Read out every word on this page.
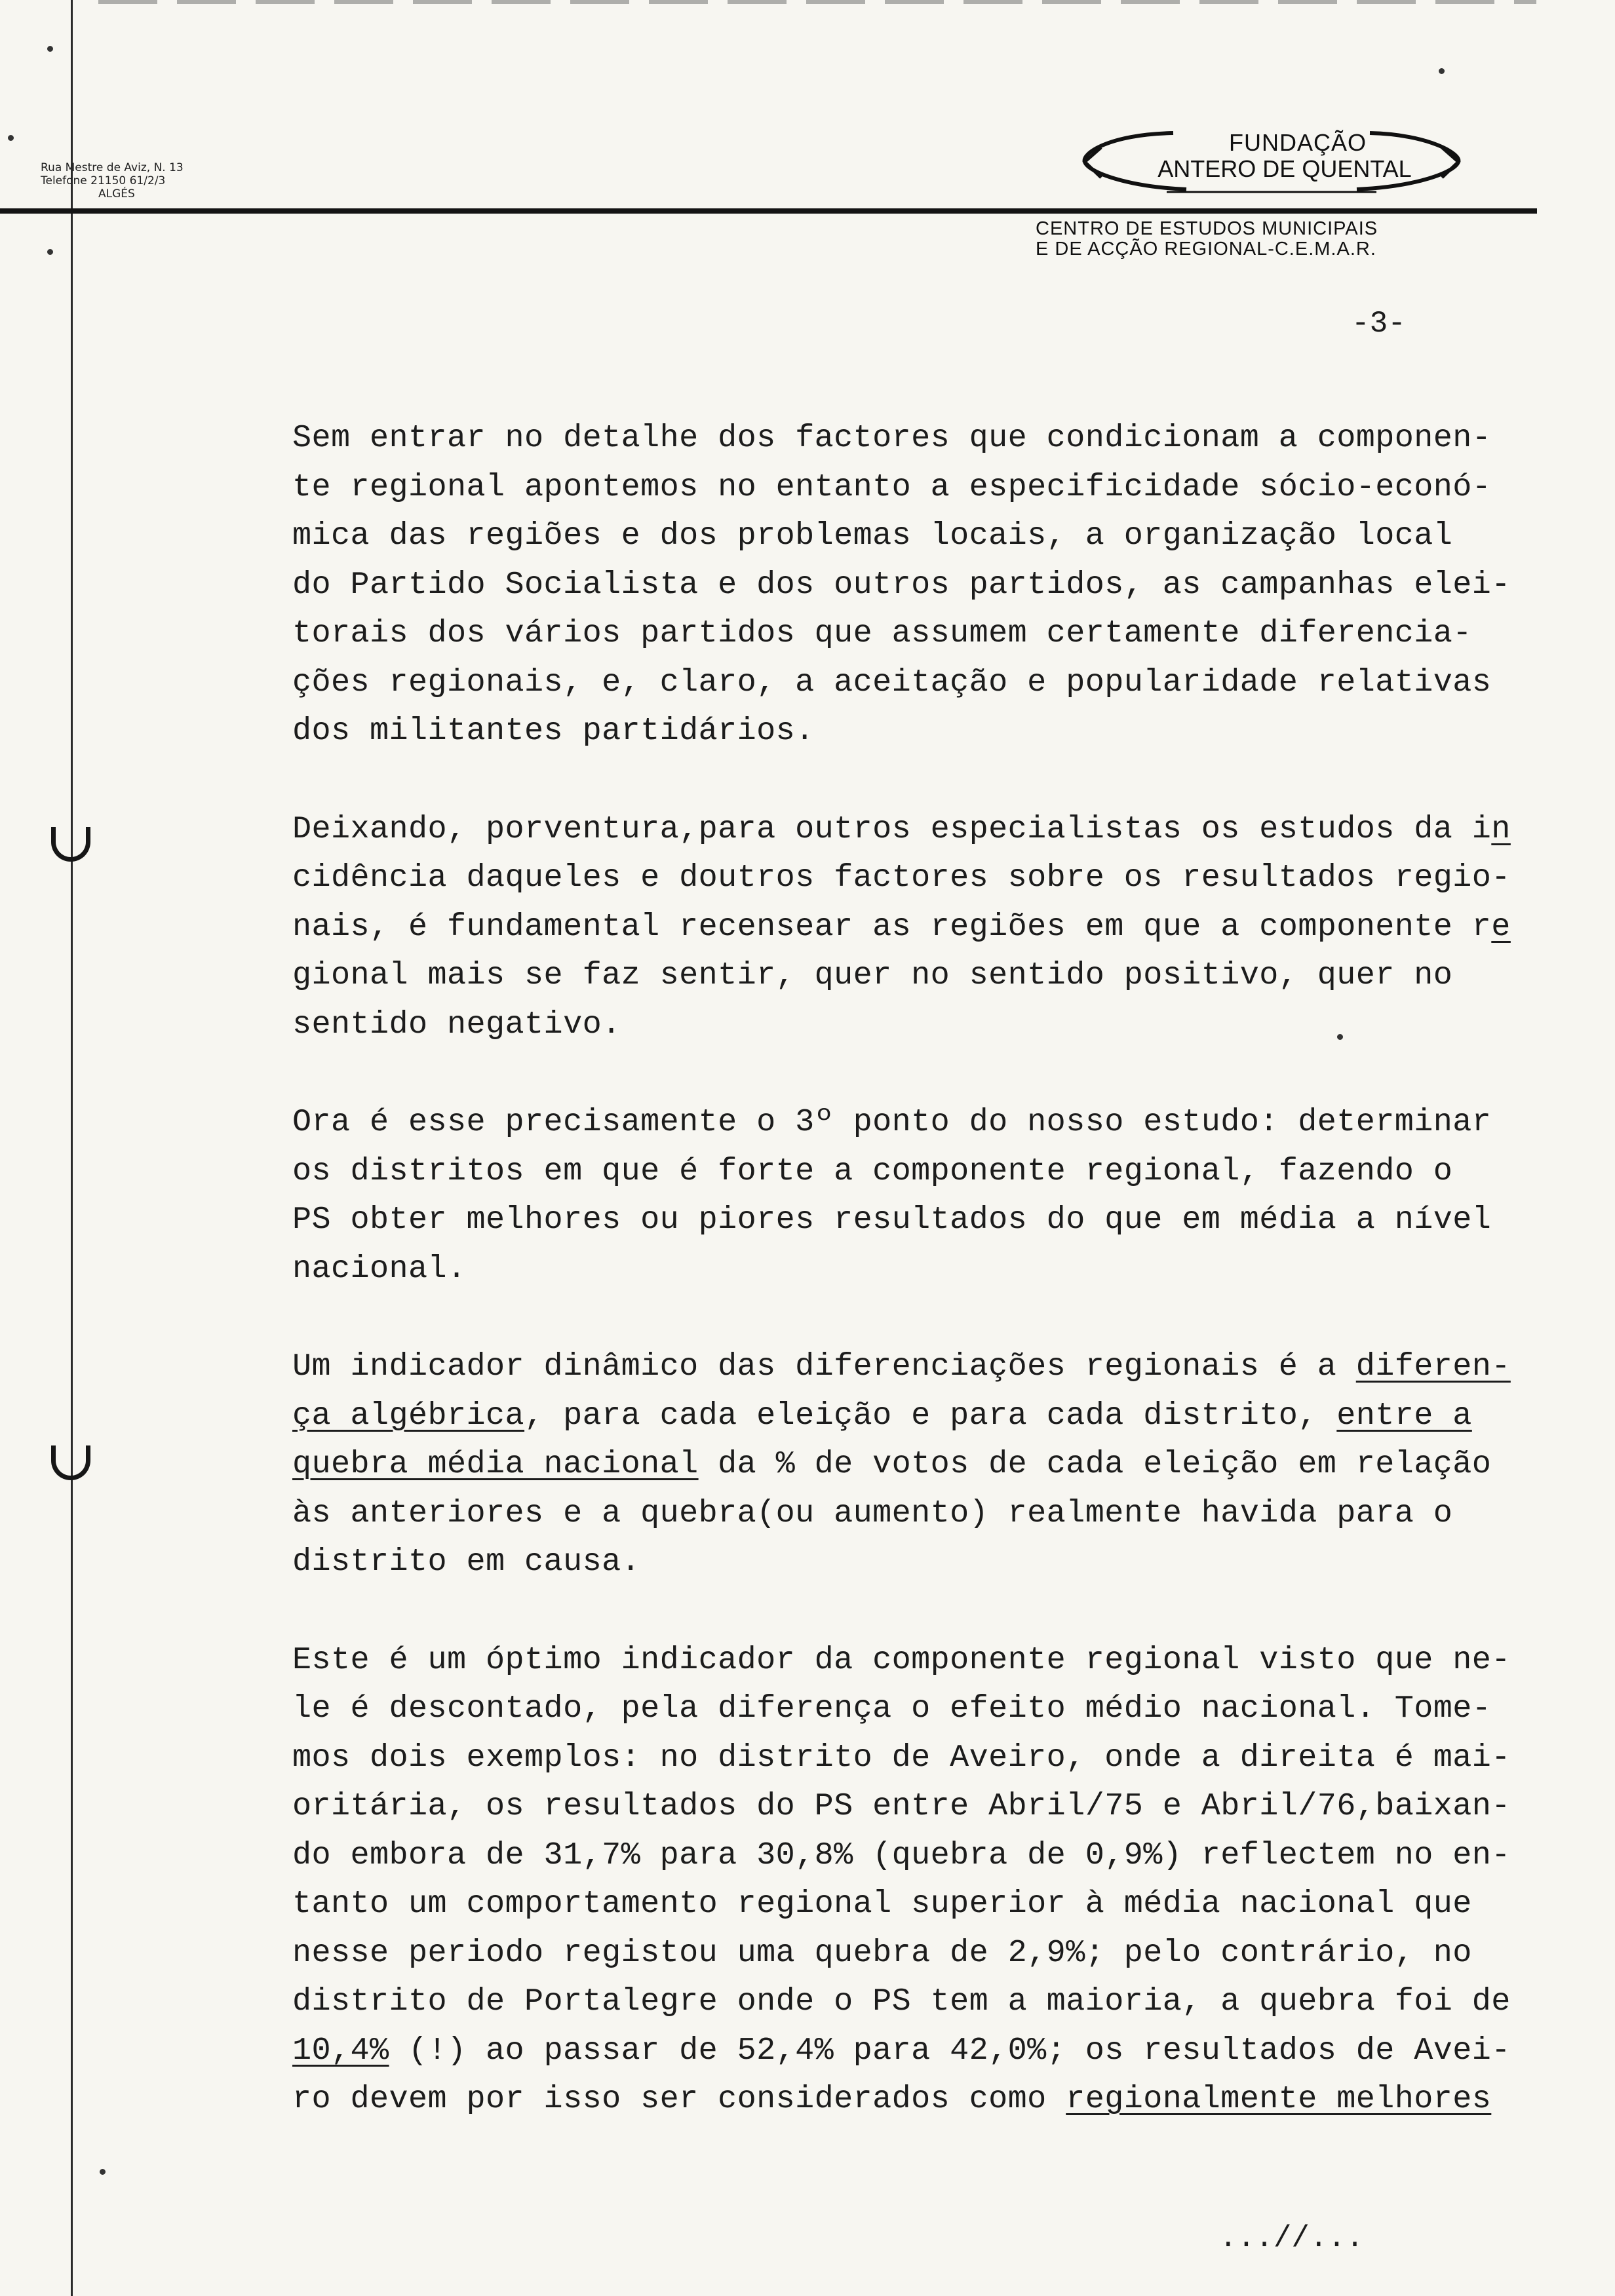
Rua Mestre de Aviz, N. 13
Telefone 21150 61/2/3
ALGÉS
FUNDAÇÃO
ANTERO DE QUENTAL
CENTRO DE ESTUDOS MUNICIPAIS
E DE ACÇÃO REGIONAL-C.E.M.A.R.
-3-
Sem entrar no detalhe dos factores que condicionam a componen-
te regional apontemos no entanto a especificidade sócio-econó-
mica das regiões e dos problemas locais, a organização local
do Partido Socialista e dos outros partidos, as campanhas elei-
torais dos vários partidos que assumem certamente diferencia-
ções regionais, e, claro, a aceitação e popularidade relativas
dos militantes partidários.
Deixando, porventura,para outros especialistas os estudos da in
cidência daqueles e doutros factores sobre os resultados regio-
nais, é fundamental recensear as regiões em que a componente re
gional mais se faz sentir, quer no sentido positivo, quer no
sentido negativo.
Ora é esse precisamente o 3º ponto do nosso estudo: determinar
os distritos em que é forte a componente regional, fazendo o
PS obter melhores ou piores resultados do que em média a nível
nacional.
Um indicador dinâmico das diferenciações regionais é a diferen-
ça algébrica, para cada eleição e para cada distrito, entre a
quebra média nacional da % de votos de cada eleição em relação
às anteriores e a quebra(ou aumento) realmente havida para o
distrito em causa.
Este é um óptimo indicador da componente regional visto que ne-
le é descontado, pela diferença o efeito médio nacional. Tome-
mos dois exemplos: no distrito de Aveiro, onde a direita é mai-
oritária, os resultados do PS entre Abril/75 e Abril/76,baixan-
do embora de 31,7% para 30,8% (quebra de 0,9%) reflectem no en-
tanto um comportamento regional superior à média nacional que
nesse periodo registou uma quebra de 2,9%; pelo contrário, no
distrito de Portalegre onde o PS tem a maioria, a quebra foi de
10,4% (!) ao passar de 52,4% para 42,0%; os resultados de Avei-
ro devem por isso ser considerados como regionalmente melhores
...//...
